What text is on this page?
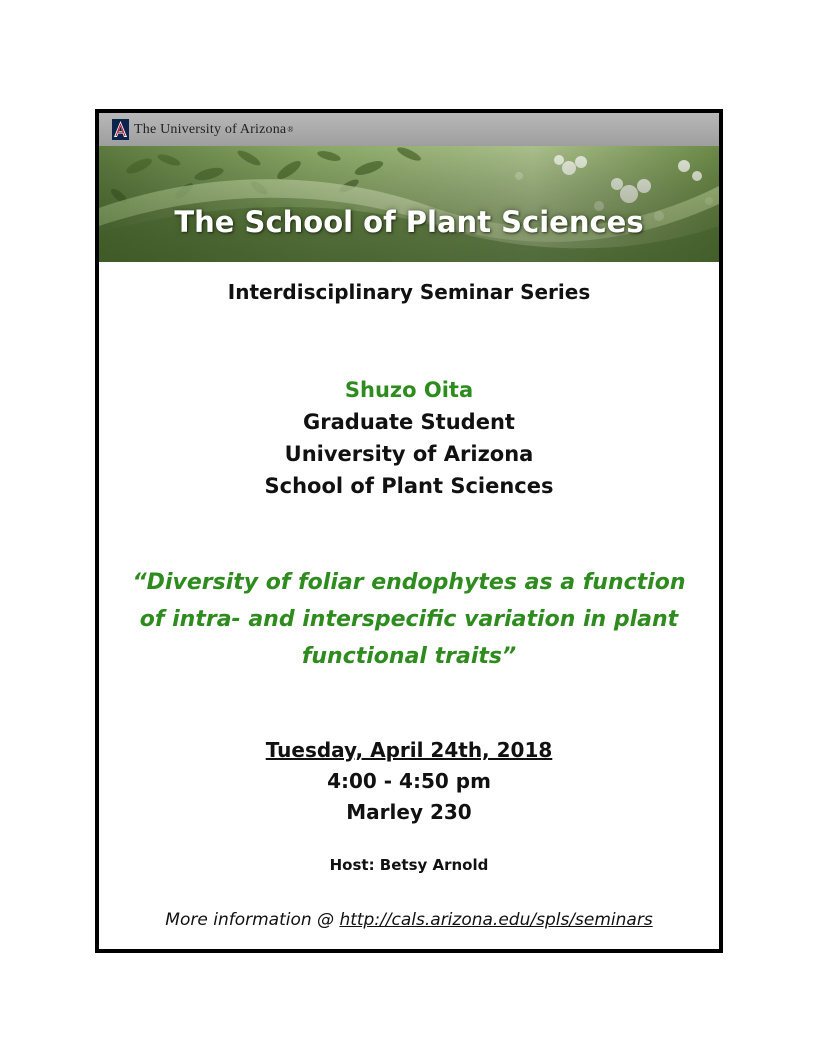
The University of Arizona ®
The School of Plant Sciences
Interdisciplinary Seminar Series
Shuzo Oita
Graduate Student
University of Arizona
School of Plant Sciences
“Diversity of foliar endophytes as a function
of intra- and interspecific variation in plant
functional traits”
Tuesday, April 24th, 2018
4:00 - 4:50 pm
Marley 230
Host: Betsy Arnold
More information @ http://cals.arizona.edu/spls/seminars
